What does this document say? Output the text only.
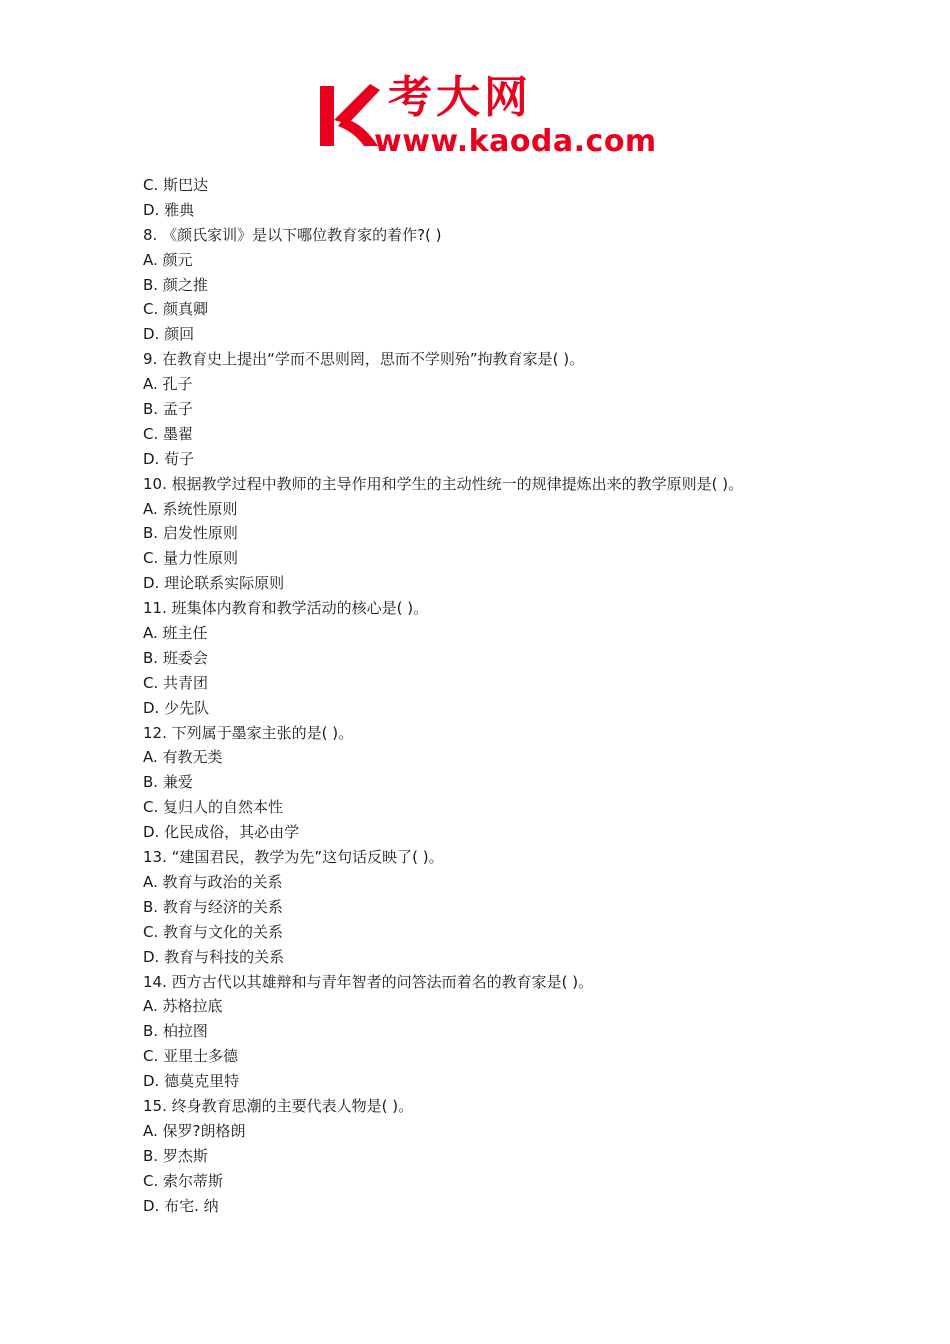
考大网
www.kaoda.com
C. 斯巴达
D. 雅典
8. 《颜氏家训》是以下哪位教育家的着作?( )
A. 颜元
B. 颜之推
C. 颜真卿
D. 颜回
9. 在教育史上提出“学而不思则罔，思而不学则殆”拘教育家是( )。
A. 孔子
B. 孟子
C. 墨翟
D. 荀子
10. 根据教学过程中教师的主导作用和学生的主动性统一的规律提炼出来的教学原则是( )。
A. 系统性原则
B. 启发性原则
C. 量力性原则
D. 理论联系实际原则
11. 班集体内教育和教学活动的核心是( )。
A. 班主任
B. 班委会
C. 共青团
D. 少先队
12. 下列属于墨家主张的是( )。
A. 有教无类
B. 兼爱
C. 复归人的自然本性
D. 化民成俗，其必由学
13. “建国君民，教学为先”这句话反映了( )。
A. 教育与政治的关系
B. 教育与经济的关系
C. 教育与文化的关系
D. 教育与科技的关系
14. 西方古代以其雄辩和与青年智者的问答法而着名的教育家是( )。
A. 苏格拉底
B. 柏拉图
C. 亚里士多德
D. 德莫克里特
15. 终身教育思潮的主要代表人物是( )。
A. 保罗?朗格朗
B. 罗杰斯
C. 索尔蒂斯
D. 布宅. 纳
